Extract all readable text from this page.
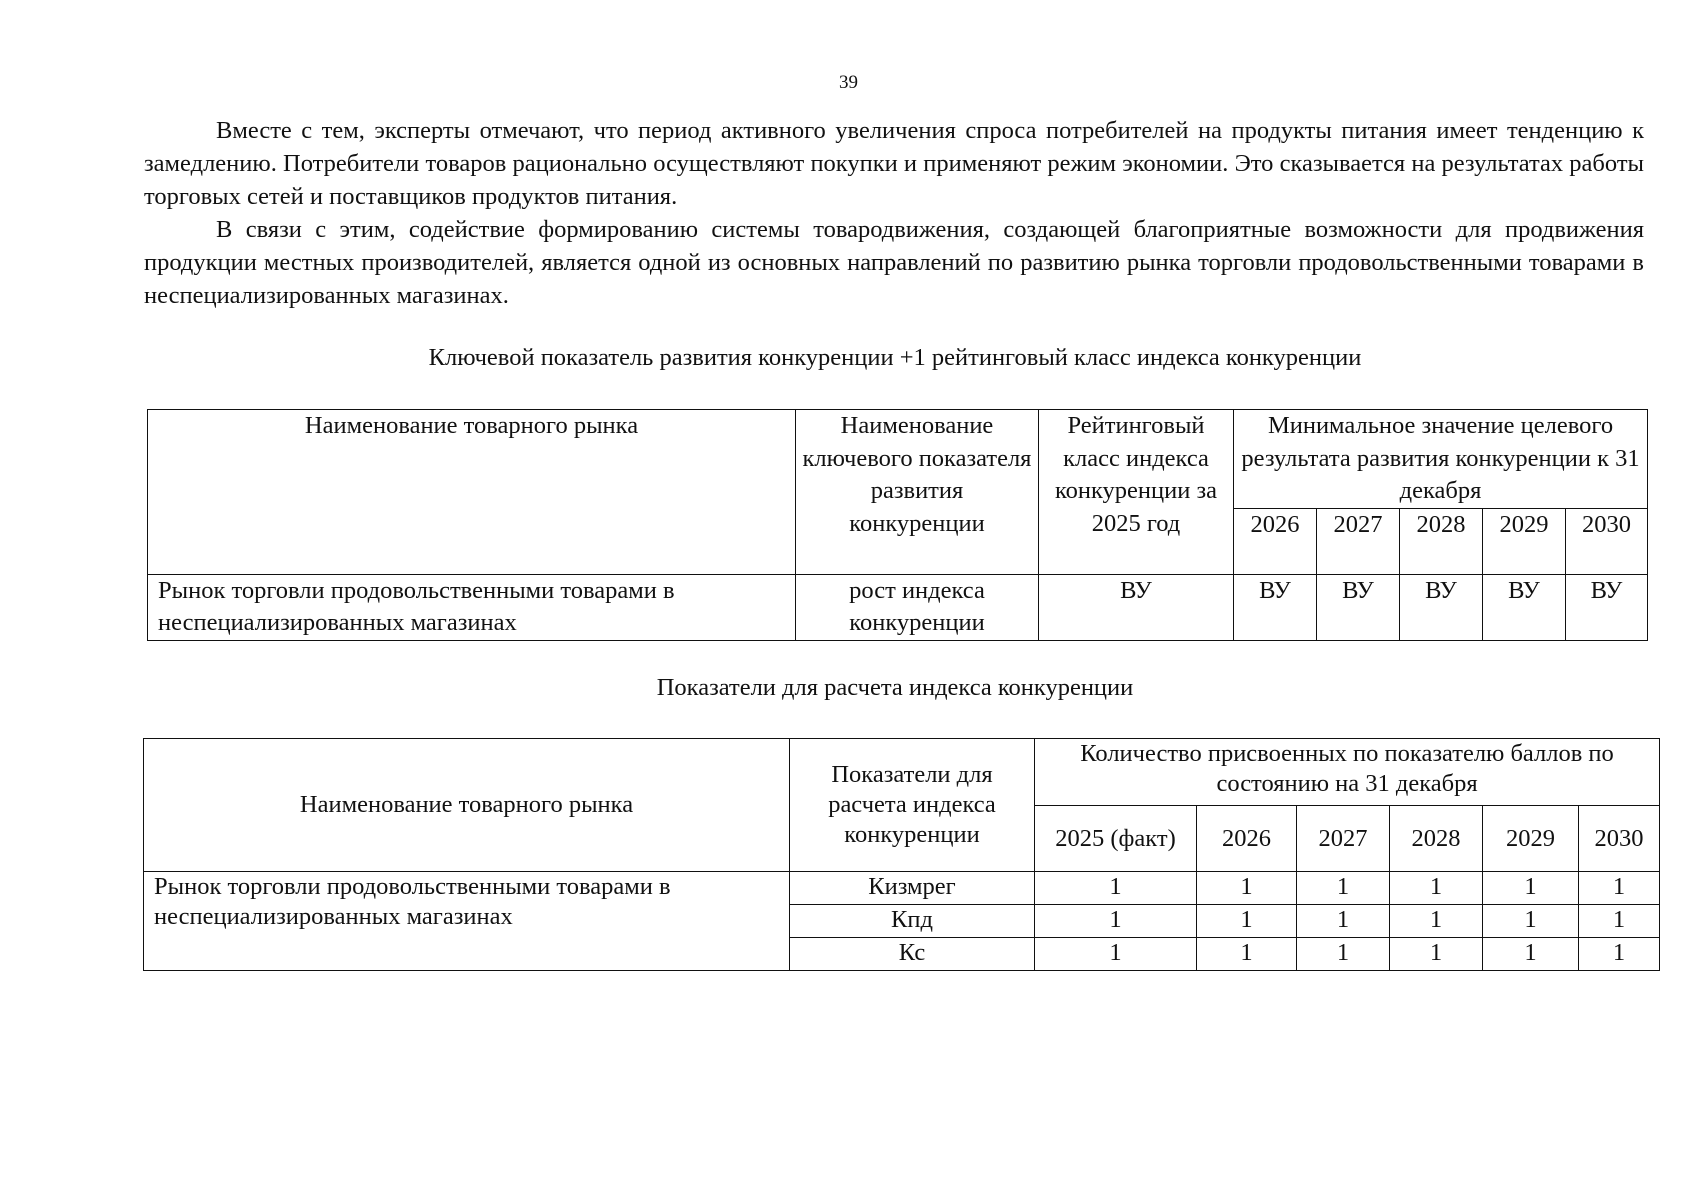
39

Вместе с тем, эксперты отмечают, что период активного увеличения спроса потребителей на продукты питания имеет тенденцию к замедлению. Потребители товаров рационально осуществляют покупки и применяют режим экономии. Это сказывается на результатах работы торговых сетей и поставщиков продуктов питания.

В связи с этим, содействие формированию системы товародвижения, создающей благоприятные возможности для продвижения продукции местных производителей, является одной из основных направлений по развитию рынка торговли продовольственными товарами в неспециализированных магазинах.

Ключевой показатель развития конкуренции +1 рейтинговый класс индекса конкуренции
Наименование товарного рынка	Наименование ключевого показателя развития конкуренции	Рейтинговый класс индекса конкуренции за 2025 год	Минимальное значение целевого результата развития конкуренции к 31 декабря				
			2026	2027	2028	2029	2030
Рынок торговли продовольственными товарами в неспециализированных магазинах	рост индекса конкуренции	ВУ	ВУ	ВУ	ВУ	ВУ	ВУ
Показатели для расчета индекса конкуренции
Наименование товарного рынка	Показатели для расчета индекса конкуренции	Количество присвоенных по показателю баллов по состоянию на 31 декабря					
		2025 (факт)	2026	2027	2028	2029	2030
Рынок торговли продовольственными товарами в неспециализированных магазинах	Кизмрег	1	1	1	1	1	1
	Кпд	1	1	1	1	1	1
	Кс	1	1	1	1	1	1
